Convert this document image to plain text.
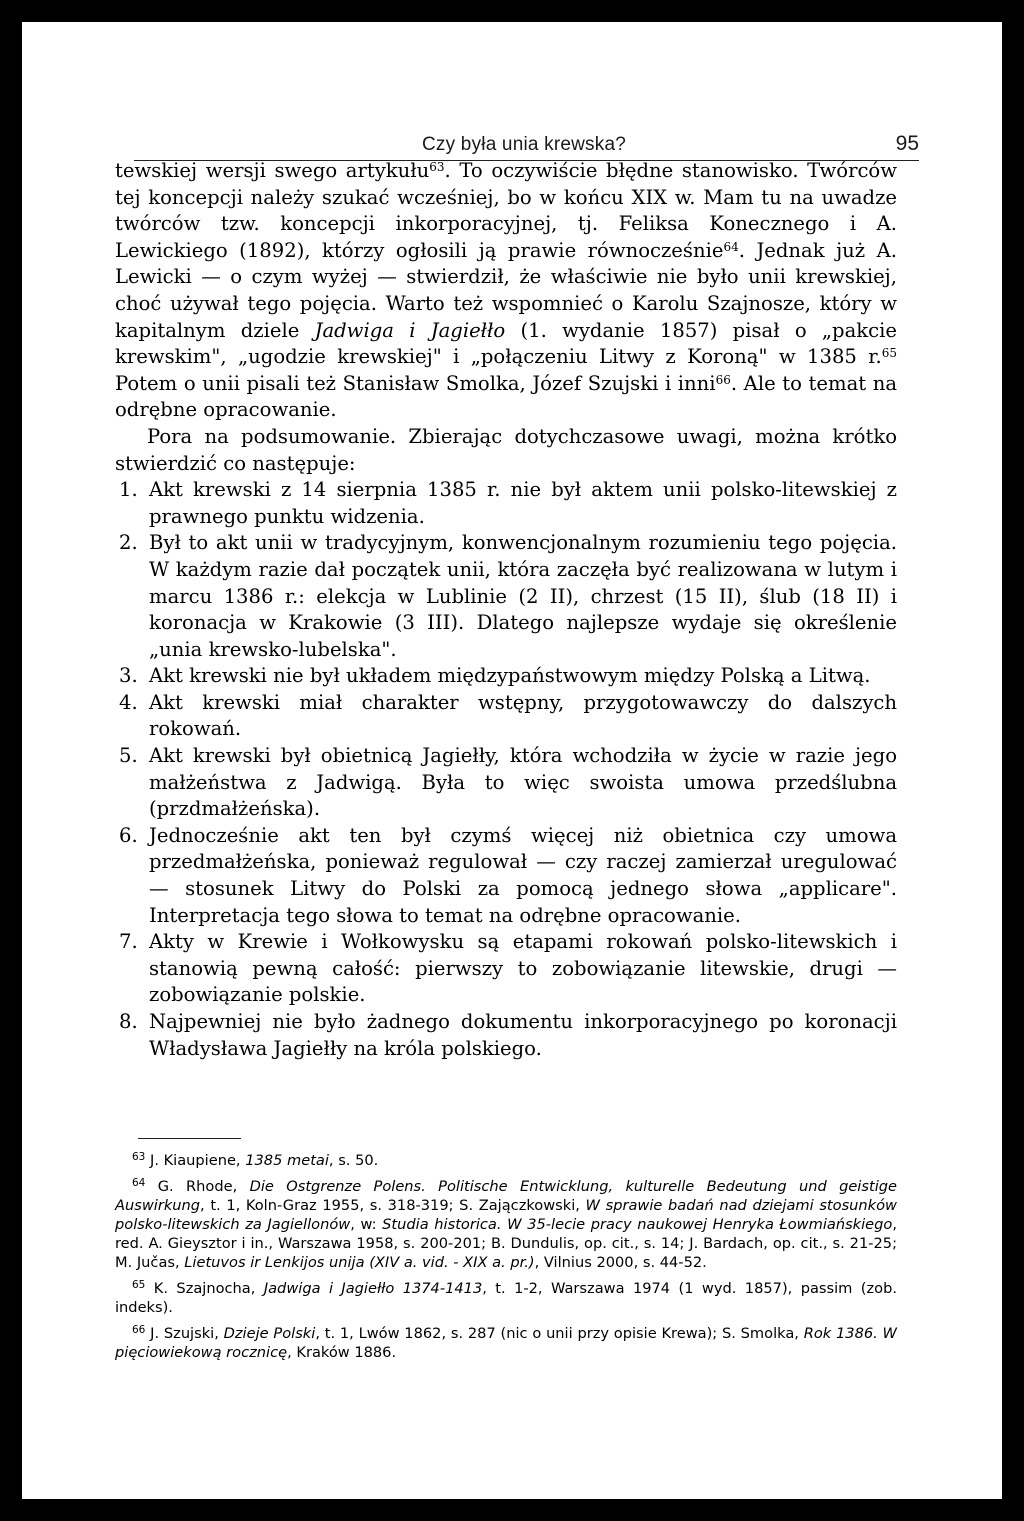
Czy była unia krewska?	95

tewskiej wersji swego artykułu$^{63}$. To oczywiście błędne stanowisko. Twórców tej koncepcji należy szukać wcześniej, bo w końcu XIX w. Mam tu na uwadze twórców tzw. koncepcji inkorporacyjnej, tj. Feliksa Konecznego i A. Lewickiego (1892), którzy ogłosili ją prawie równocześnie$^{64}$. Jednak już A. Lewicki — o czym wyżej — stwierdził, że właściwie nie było unii krewskiej, choć używał tego pojęcia. Warto też wspomnieć o Karolu Szajnosze, który w kapitalnym dziele Jadwiga i Jagiełło (1. wydanie 1857) pisał o „pakcie krewskim", „ugodzie krewskiej" i „połączeniu Litwy z Koroną" w 1385 r.$^{65}$ Potem o unii pisali też Stanisław Smolka, Józef Szujski i inni$^{66}$. Ale to temat na odrębne opracowanie.

Pora na podsumowanie. Zbierając dotychczasowe uwagi, można krótko stwierdzić co następuje:

1. Akt krewski z 14 sierpnia 1385 r. nie był aktem unii polsko-litewskiej z prawnego punktu widzenia.
2. Był to akt unii w tradycyjnym, konwencjonalnym rozumieniu tego pojęcia. W każdym razie dał początek unii, która zaczęła być realizowana w lutym i marcu 1386 r.: elekcja w Lublinie (2 II), chrzest (15 II), ślub (18 II) i koronacja w Krakowie (3 III). Dlatego najlepsze wydaje się określenie „unia krewsko-lubelska".
3. Akt krewski nie był układem międzypaństwowym między Polską a Litwą.
4. Akt krewski miał charakter wstępny, przygotowawczy do dalszych rokowań.
5. Akt krewski był obietnicą Jagiełły, która wchodziła w życie w razie jego małżeństwa z Jadwigą. Była to więc swoista umowa przedślubna (przdmałżeńska).
6. Jednocześnie akt ten był czymś więcej niż obietnica czy umowa przedmałżeńska, ponieważ regulował — czy raczej zamierzał uregulować — stosunek Litwy do Polski za pomocą jednego słowa „applicare". Interpretacja tego słowa to temat na odrębne opracowanie.
7. Akty w Krewie i Wołkowysku są etapami rokowań polsko-litewskich i stanowią pewną całość: pierwszy to zobowiązanie litewskie, drugi — zobowiązanie polskie.
8. Najpewniej nie było żadnego dokumentu inkorporacyjnego po koronacji Władysława Jagiełły na króla polskiego.

$^{63}$ J. Kiaupiene, 1385 metai, s. 50.

$^{64}$ G. Rhode, Die Ostgrenze Polens. Politische Entwicklung, kulturelle Bedeutung und geistige Auswirkung, t. 1, Koln-Graz 1955, s. 318-319; S. Zajączkowski, W sprawie badań nad dziejami stosunków polsko-litewskich za Jagiellonów, w: Studia historica. W 35-lecie pracy naukowej Henryka Łowmiańskiego, red. A. Gieysztor i in., Warszawa 1958, s. 200-201; B. Dundulis, op. cit., s. 14; J. Bardach, op. cit., s. 21-25; M. Jučas, Lietuvos ir Lenkijos unija (XIV a. vid. - XIX a. pr.), Vilnius 2000, s. 44-52.

$^{65}$ K. Szajnocha, Jadwiga i Jagiełło 1374-1413, t. 1-2, Warszawa 1974 (1 wyd. 1857), passim (zob. indeks).

$^{66}$ J. Szujski, Dzieje Polski, t. 1, Lwów 1862, s. 287 (nic o unii przy opisie Krewa); S. Smolka, Rok 1386. W pięciowiekową rocznicę, Kraków 1886.
